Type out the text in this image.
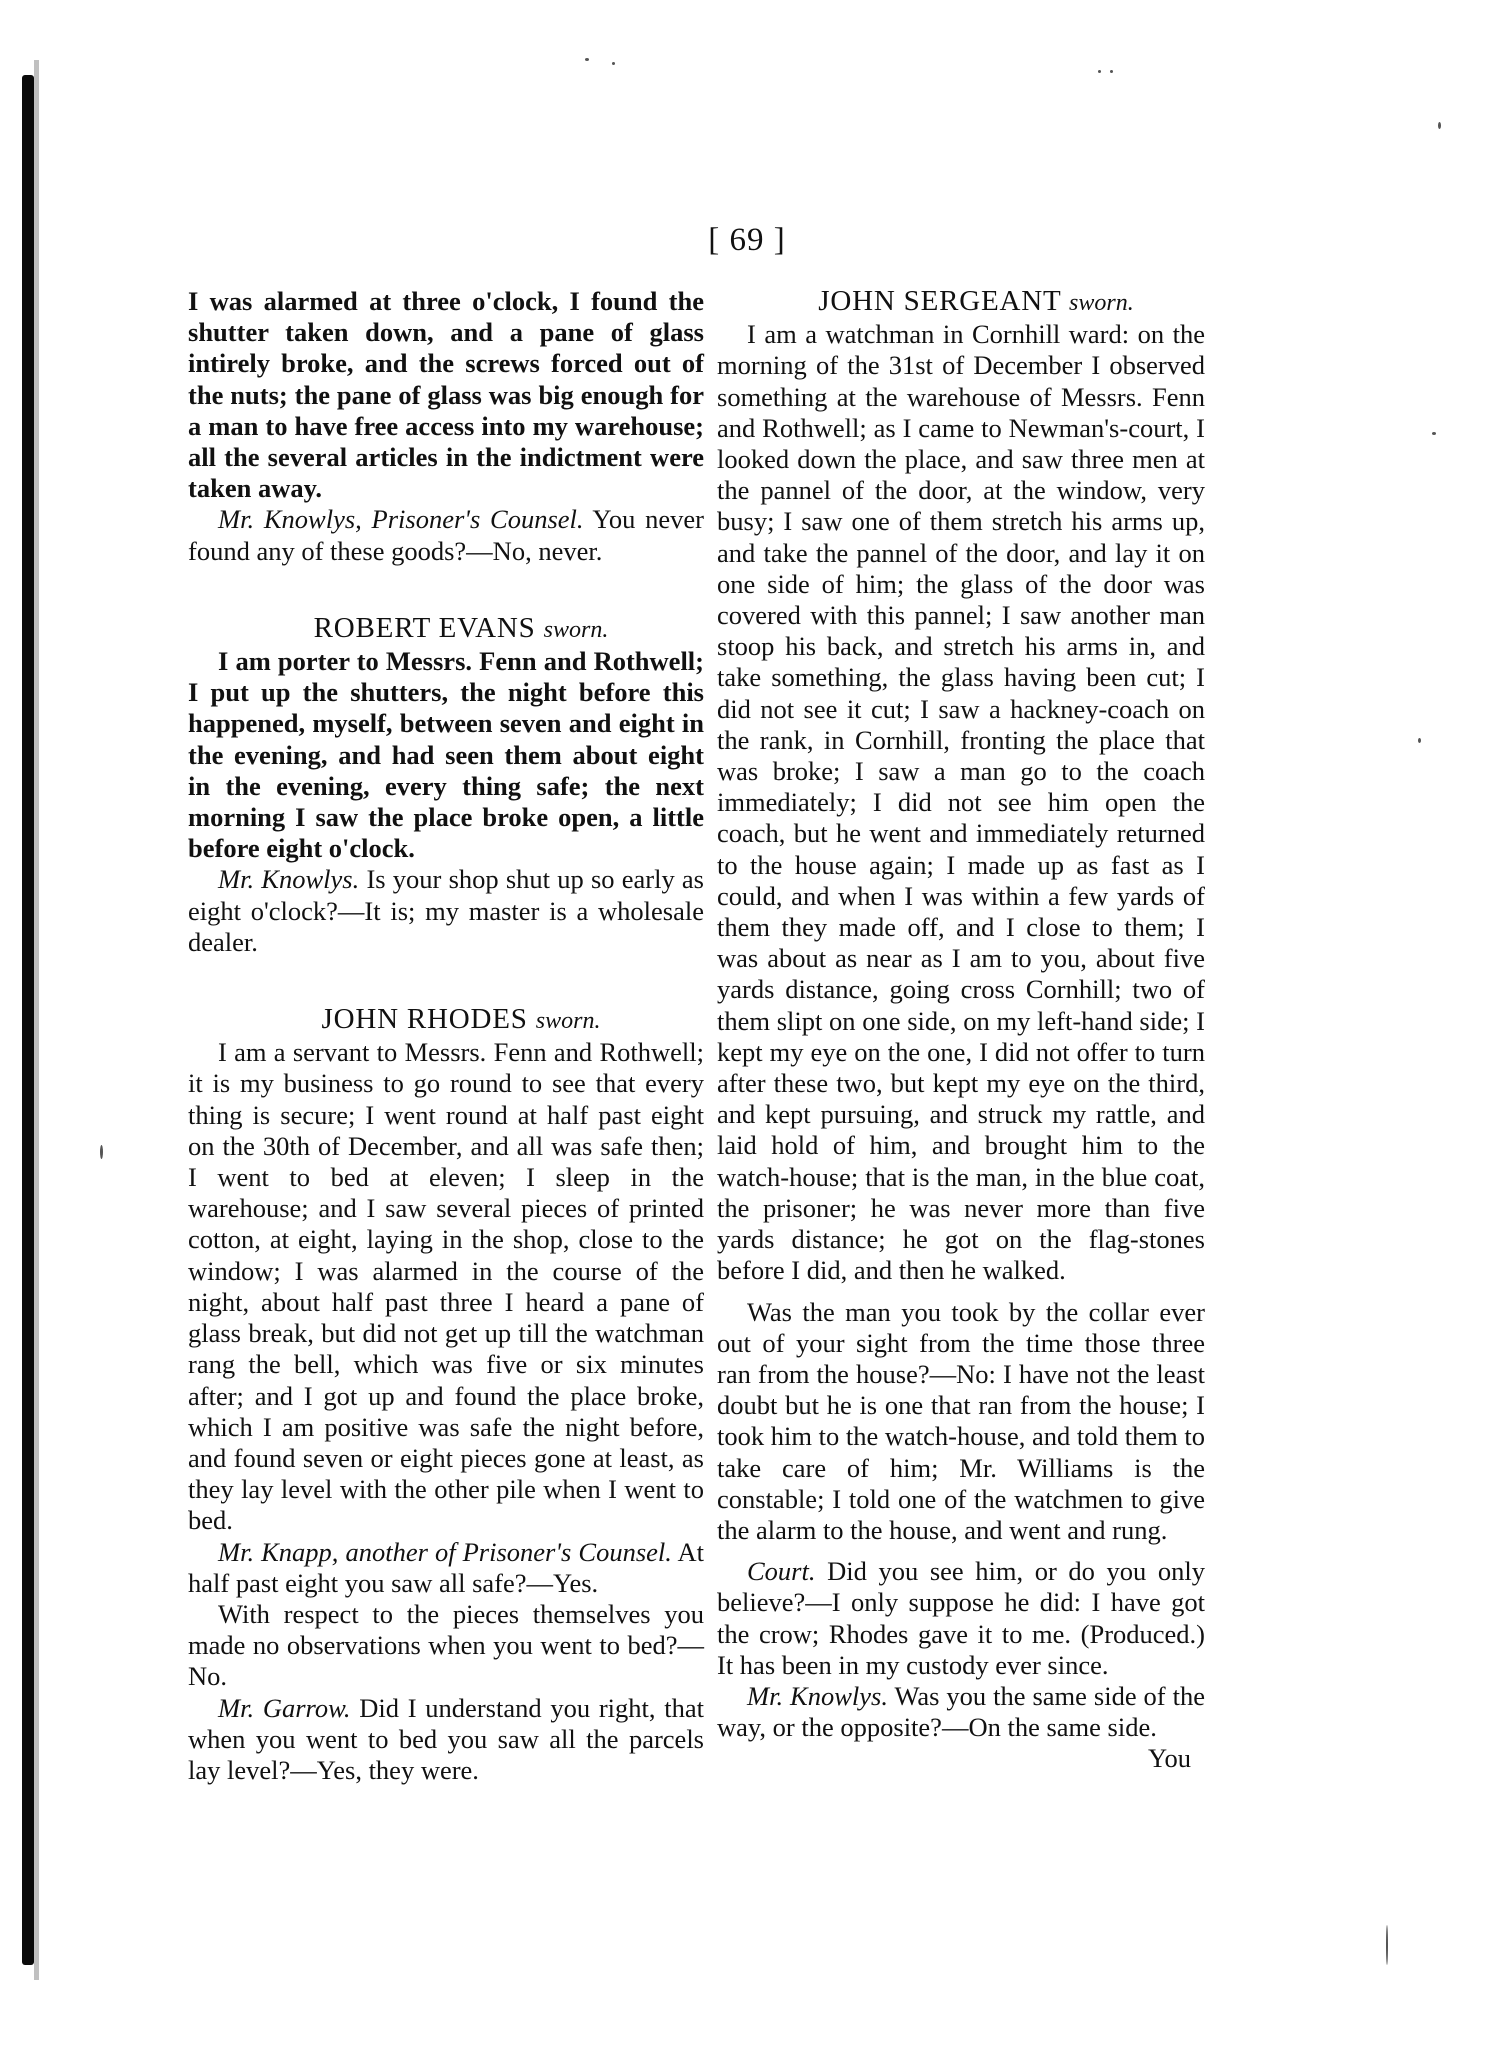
[ 69 ]

I was alarmed at three o'clock, I found the shutter taken down, and a pane of glass intirely broke, and the screws forced out of the nuts; the pane of glass was big enough for a man to have free access into my warehouse; all the several articles in the indictment were taken away.

Mr. Knowlys, Prisoner's Counsel. You never found any of these goods?—No, never.

ROBERT EVANS sworn.

I am porter to Messrs. Fenn and Rothwell; I put up the shutters, the night before this happened, myself, between seven and eight in the evening, and had seen them about eight in the evening, every thing safe; the next morning I saw the place broke open, a little before eight o'clock.

Mr. Knowlys. Is your shop shut up so early as eight o'clock?—It is; my master is a wholesale dealer.

JOHN RHODES sworn.

I am a servant to Messrs. Fenn and Rothwell; it is my business to go round to see that every thing is secure; I went round at half past eight on the 30th of December, and all was safe then; I went to bed at eleven; I sleep in the warehouse; and I saw several pieces of printed cotton, at eight, laying in the shop, close to the window; I was alarmed in the course of the night, about half past three I heard a pane of glass break, but did not get up till the watchman rang the bell, which was five or six minutes after; and I got up and found the place broke, which I am positive was safe the night before, and found seven or eight pieces gone at least, as they lay level with the other pile when I went to bed.

Mr. Knapp, another of Prisoner's Counsel. At half past eight you saw all safe?—Yes.

With respect to the pieces themselves you made no observations when you went to bed?—No.

Mr. Garrow. Did I understand you right, that when you went to bed you saw all the parcels lay level?—Yes, they were.

JOHN SERGEANT sworn.

I am a watchman in Cornhill ward: on the morning of the 31st of December I observed something at the warehouse of Messrs. Fenn and Rothwell; as I came to Newman's-court, I looked down the place, and saw three men at the pannel of the door, at the window, very busy; I saw one of them stretch his arms up, and take the pannel of the door, and lay it on one side of him; the glass of the door was covered with this pannel; I saw another man stoop his back, and stretch his arms in, and take something, the glass having been cut; I did not see it cut; I saw a hackney-coach on the rank, in Cornhill, fronting the place that was broke; I saw a man go to the coach immediately; I did not see him open the coach, but he went and immediately returned to the house again; I made up as fast as I could, and when I was within a few yards of them they made off, and I close to them; I was about as near as I am to you, about five yards distance, going cross Cornhill; two of them slipt on one side, on my left-hand side; I kept my eye on the one, I did not offer to turn after these two, but kept my eye on the third, and kept pursuing, and struck my rattle, and laid hold of him, and brought him to the watch-house; that is the man, in the blue coat, the prisoner; he was never more than five yards distance; he got on the flag-stones before I did, and then he walked.

Was the man you took by the collar ever out of your sight from the time those three ran from the house?—No: I have not the least doubt but he is one that ran from the house; I took him to the watch-house, and told them to take care of him; Mr. Williams is the constable; I told one of the watchmen to give the alarm to the house, and went and rung.

Court. Did you see him, or do you only believe?—I only suppose he did: I have got the crow; Rhodes gave it to me. (Produced.) It has been in my custody ever since.

Mr. Knowlys. Was you the same side of the way, or the opposite?—On the same side.

You
